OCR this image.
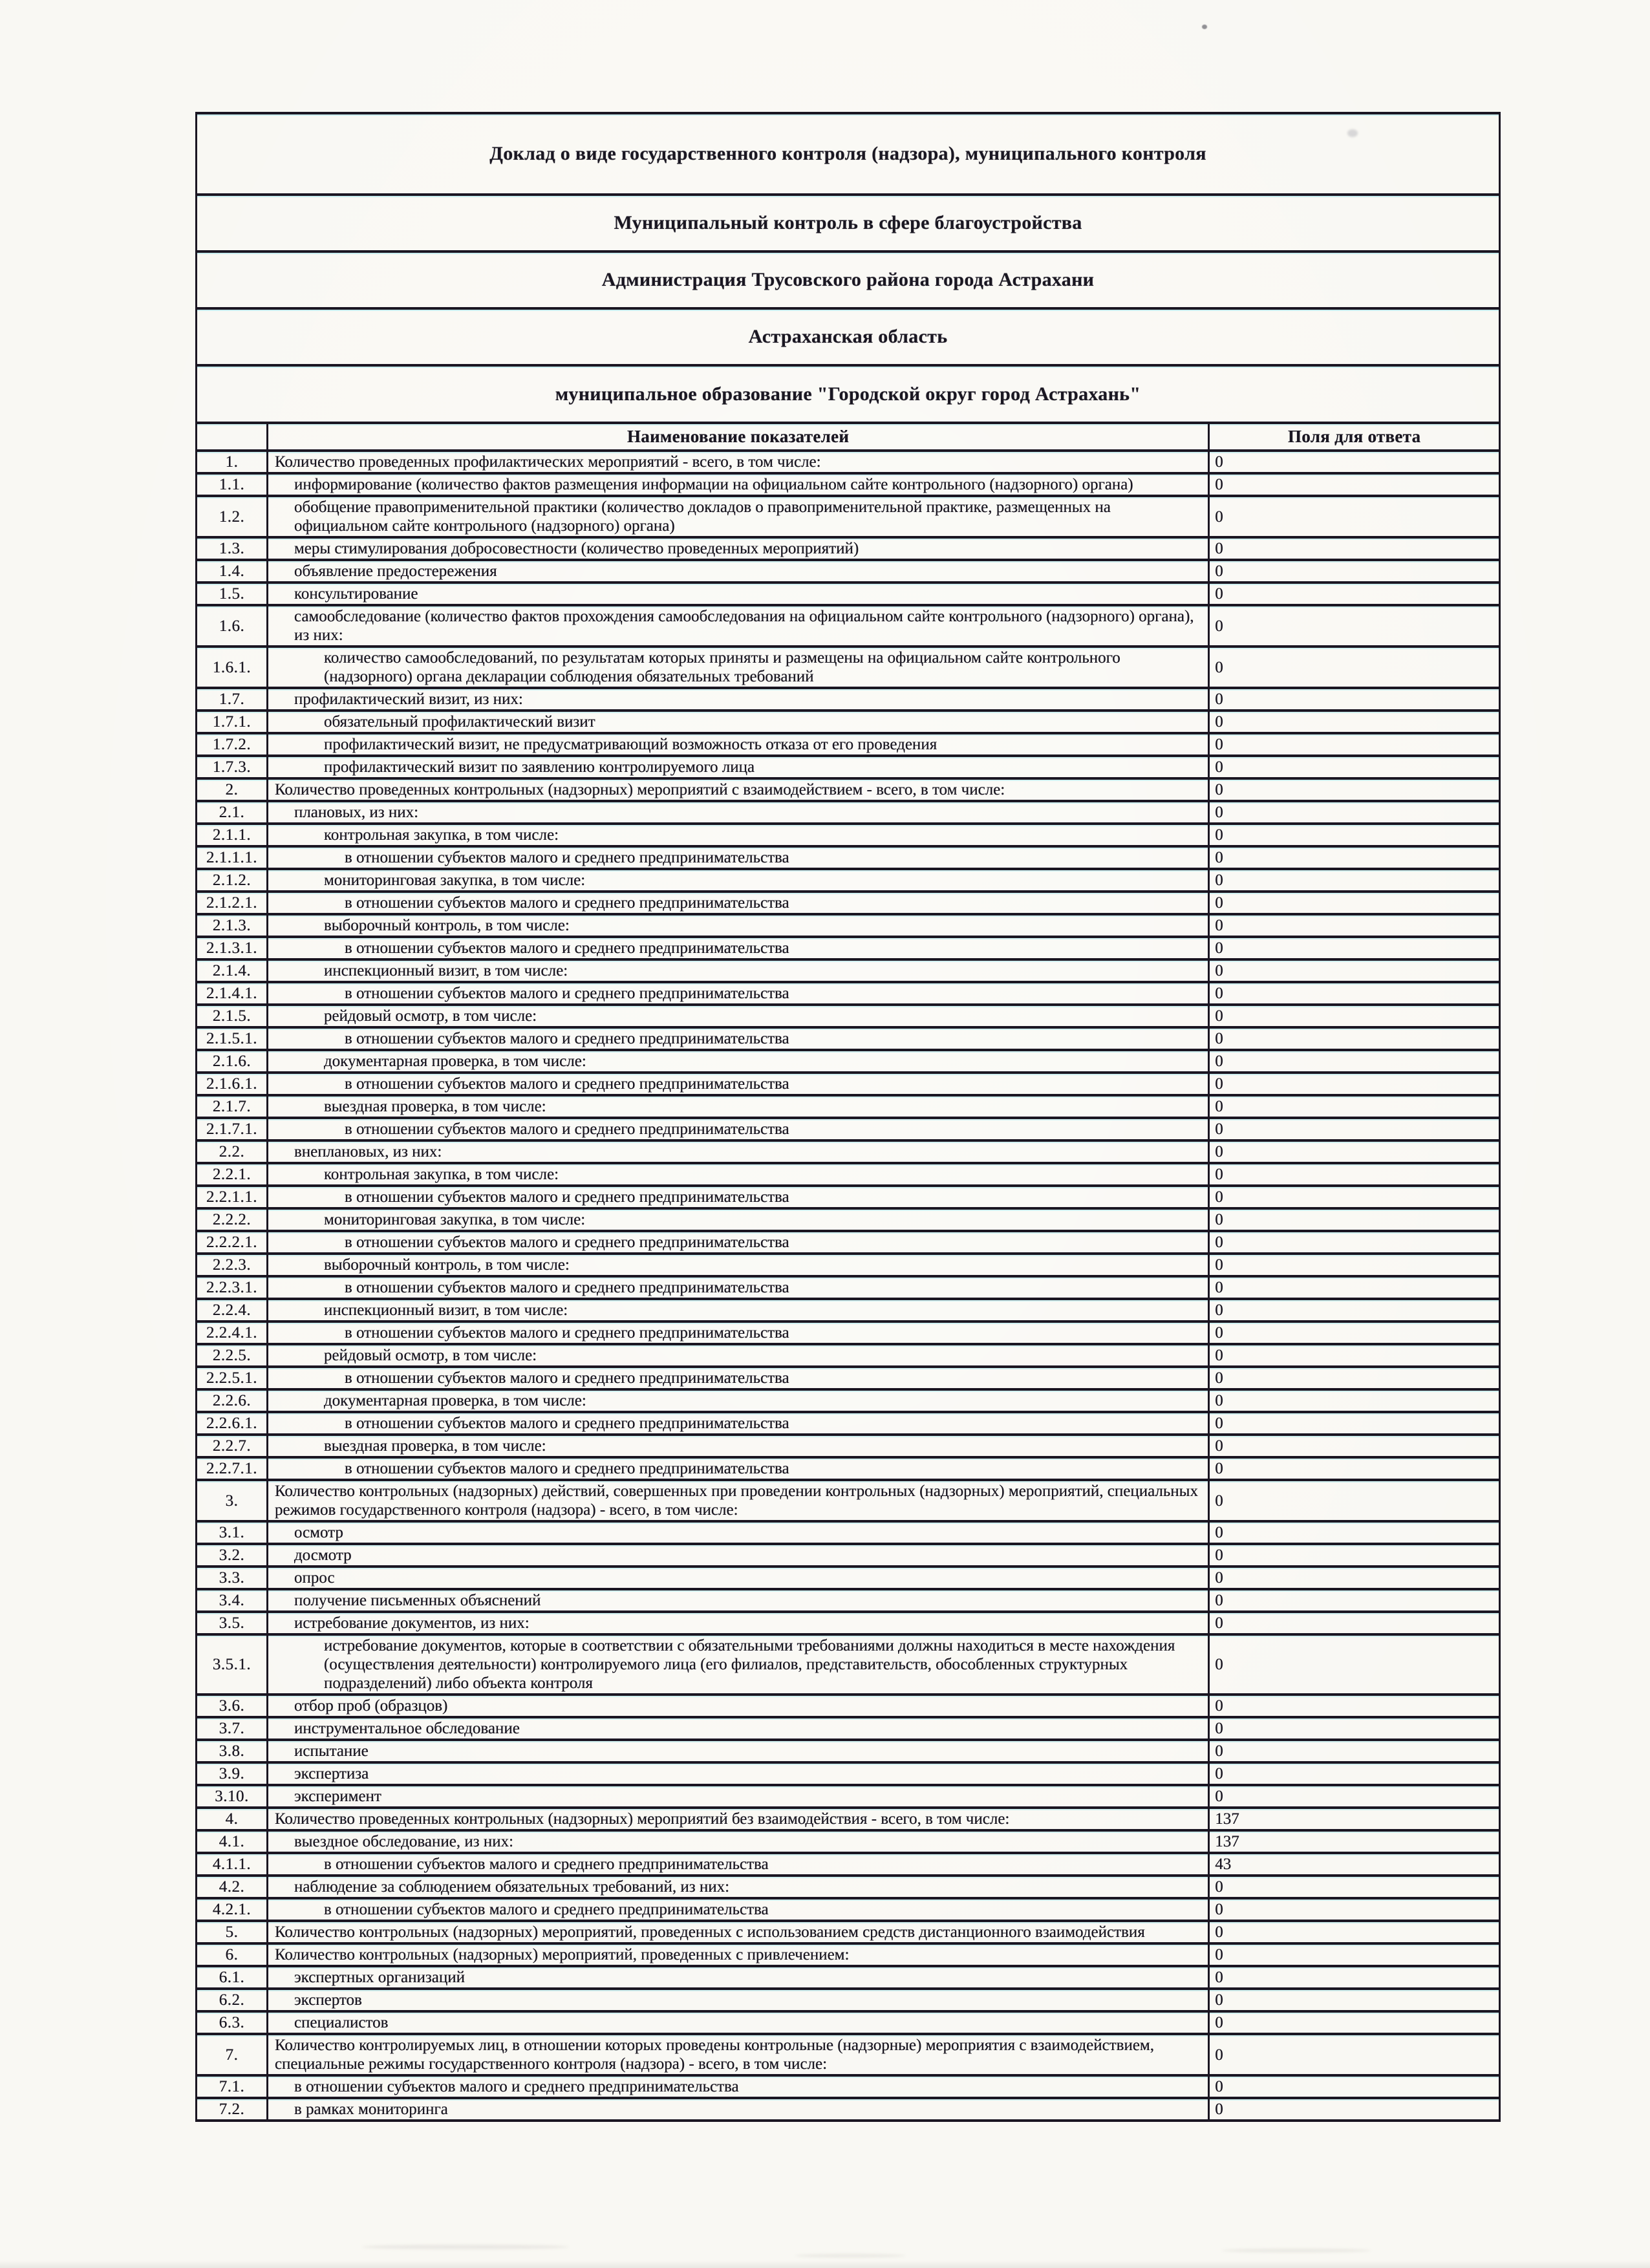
Доклад о виде государственного контроля (надзора), муниципального контроля
Муниципальный контроль в сфере благоустройства
Администрация Трусовского района города Астрахани
Астраханская область
муниципальное образование "Городской округ город Астрахань"
	Наименование показателей	Поля для ответа
1.	Количество проведенных профилактических мероприятий - всего, в том числе:	0
1.1.	информирование (количество фактов размещения информации на официальном сайте контрольного (надзорного) органа)	0
1.2.	обобщение правоприменительной практики (количество докладов о правоприменительной практике, размещенных на официальном сайте контрольного (надзорного) органа)	0
1.3.	меры стимулирования добросовестности (количество проведенных мероприятий)	0
1.4.	объявление предостережения	0
1.5.	консультирование	0
1.6.	самообследование (количество фактов прохождения самообследования на официальном сайте контрольного (надзорного) органа), из них:	0
1.6.1.	количество самообследований, по результатам которых приняты и размещены на официальном сайте контрольного (надзорного) органа декларации соблюдения обязательных требований	0
1.7.	профилактический визит, из них:	0
1.7.1.	обязательный профилактический визит	0
1.7.2.	профилактический визит, не предусматривающий возможность отказа от его проведения	0
1.7.3.	профилактический визит по заявлению контролируемого лица	0
2.	Количество проведенных контрольных (надзорных) мероприятий с взаимодействием - всего, в том числе:	0
2.1.	плановых, из них:	0
2.1.1.	контрольная закупка, в том числе:	0
2.1.1.1.	в отношении субъектов малого и среднего предпринимательства	0
2.1.2.	мониторинговая закупка, в том числе:	0
2.1.2.1.	в отношении субъектов малого и среднего предпринимательства	0
2.1.3.	выборочный контроль, в том числе:	0
2.1.3.1.	в отношении субъектов малого и среднего предпринимательства	0
2.1.4.	инспекционный визит, в том числе:	0
2.1.4.1.	в отношении субъектов малого и среднего предпринимательства	0
2.1.5.	рейдовый осмотр, в том числе:	0
2.1.5.1.	в отношении субъектов малого и среднего предпринимательства	0
2.1.6.	документарная проверка, в том числе:	0
2.1.6.1.	в отношении субъектов малого и среднего предпринимательства	0
2.1.7.	выездная проверка, в том числе:	0
2.1.7.1.	в отношении субъектов малого и среднего предпринимательства	0
2.2.	внеплановых, из них:	0
2.2.1.	контрольная закупка, в том числе:	0
2.2.1.1.	в отношении субъектов малого и среднего предпринимательства	0
2.2.2.	мониторинговая закупка, в том числе:	0
2.2.2.1.	в отношении субъектов малого и среднего предпринимательства	0
2.2.3.	выборочный контроль, в том числе:	0
2.2.3.1.	в отношении субъектов малого и среднего предпринимательства	0
2.2.4.	инспекционный визит, в том числе:	0
2.2.4.1.	в отношении субъектов малого и среднего предпринимательства	0
2.2.5.	рейдовый осмотр, в том числе:	0
2.2.5.1.	в отношении субъектов малого и среднего предпринимательства	0
2.2.6.	документарная проверка, в том числе:	0
2.2.6.1.	в отношении субъектов малого и среднего предпринимательства	0
2.2.7.	выездная проверка, в том числе:	0
2.2.7.1.	в отношении субъектов малого и среднего предпринимательства	0
3.	Количество контрольных (надзорных) действий, совершенных при проведении контрольных (надзорных) мероприятий, специальных режимов государственного контроля (надзора) - всего, в том числе:	0
3.1.	осмотр	0
3.2.	досмотр	0
3.3.	опрос	0
3.4.	получение письменных объяснений	0
3.5.	истребование документов, из них:	0
3.5.1.	истребование документов, которые в соответствии с обязательными требованиями должны находиться в месте нахождения (осуществления деятельности) контролируемого лица (его филиалов, представительств, обособленных структурных подразделений) либо объекта контроля	0
3.6.	отбор проб (образцов)	0
3.7.	инструментальное обследование	0
3.8.	испытание	0
3.9.	экспертиза	0
3.10.	эксперимент	0
4.	Количество проведенных контрольных (надзорных) мероприятий без взаимодействия - всего, в том числе:	137
4.1.	выездное обследование, из них:	137
4.1.1.	в отношении субъектов малого и среднего предпринимательства	43
4.2.	наблюдение за соблюдением обязательных требований, из них:	0
4.2.1.	в отношении субъектов малого и среднего предпринимательства	0
5.	Количество контрольных (надзорных) мероприятий, проведенных с использованием средств дистанционного взаимодействия	0
6.	Количество контрольных (надзорных) мероприятий, проведенных с привлечением:	0
6.1.	экспертных организаций	0
6.2.	экспертов	0
6.3.	специалистов	0
7.	Количество контролируемых лиц, в отношении которых проведены контрольные (надзорные) мероприятия с взаимодействием, специальные режимы государственного контроля (надзора) - всего, в том числе:	0
7.1.	в отношении субъектов малого и среднего предпринимательства	0
7.2.	в рамках мониторинга	0
